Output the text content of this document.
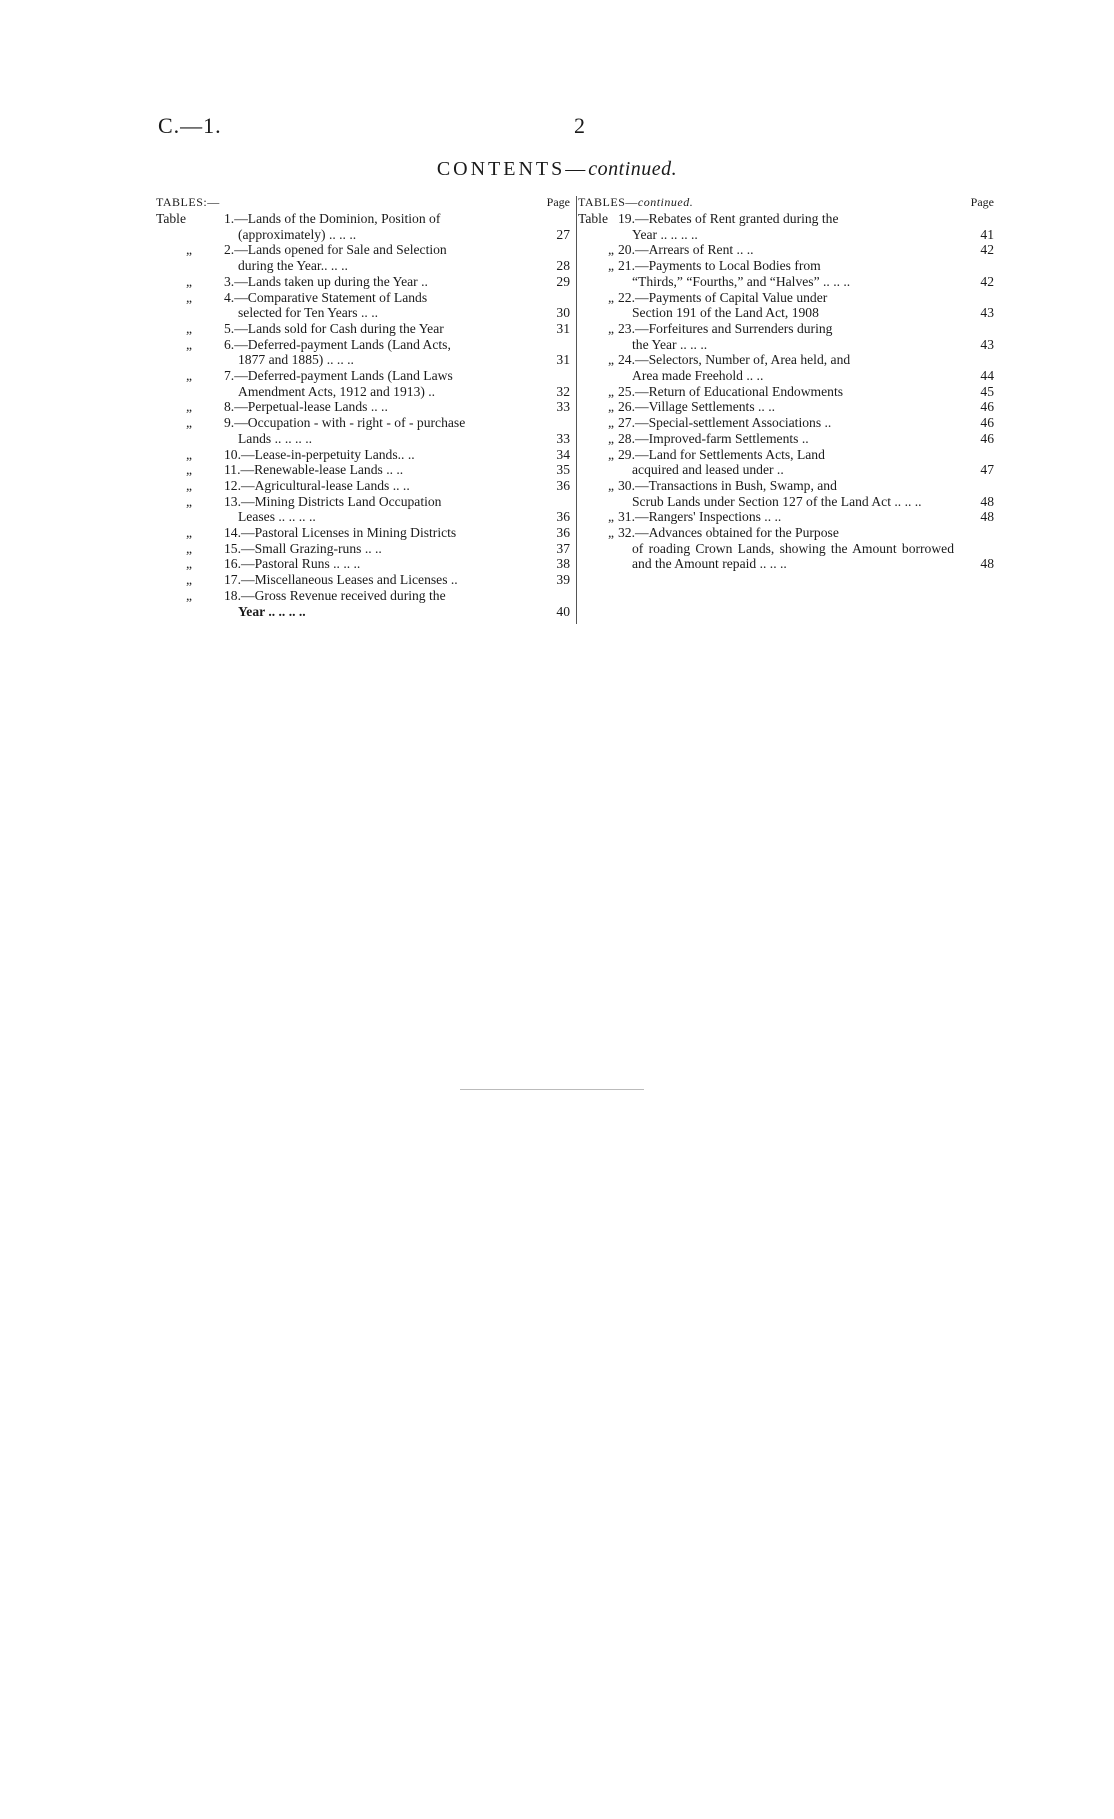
C.—1.	2
CONTENTS—continued.
TABLES:—	Page
Table	1.—Lands of the Dominion, Position of
(approximately) .. .. ..	27
„ 2.—Lands opened for Sale and Selection
during the Year.. .. ..	28
„ 3.—Lands taken up during the Year ..	29
„ 4.—Comparative Statement of Lands
selected for Ten Years .. ..	30
„ 5.—Lands sold for Cash during the Year	31
„ 6.—Deferred-payment Lands (Land Acts,
1877 and 1885) .. .. ..	31
„ 7.—Deferred-payment Lands (Land Laws
Amendment Acts, 1912 and 1913) ..	32
„ 8.—Perpetual-lease Lands .. ..	33
„ 9.—Occupation - with - right - of - purchase
Lands .. .. .. ..	33
„ 10.—Lease-in-perpetuity Lands.. ..	34
„ 11.—Renewable-lease Lands .. ..	35
„ 12.—Agricultural-lease Lands .. ..	36
„ 13.—Mining Districts Land Occupation
Leases .. .. .. ..	36
„ 14.—Pastoral Licenses in Mining Districts	36
„ 15.—Small Grazing-runs .. ..	37
„ 16.—Pastoral Runs .. .. ..	38
„ 17.—Miscellaneous Leases and Licenses ..	39
„ 18.—Gross Revenue received during the
Year .. .. .. ..	40
TABLES—continued.	Page
Table 19.—Rebates of Rent granted during the
Year .. .. .. ..	41
„ 20.—Arrears of Rent .. ..	42
„ 21.—Payments to Local Bodies from
“Thirds,” “Fourths,” and “Halves” .. .. ..	42
„ 22.—Payments of Capital Value under
Section 191 of the Land Act, 1908	43
„ 23.—Forfeitures and Surrenders during
the Year .. .. ..	43
„ 24.—Selectors, Number of, Area held, and
Area made Freehold .. ..	44
„ 25.—Return of Educational Endowments	45
„ 26.—Village Settlements .. ..	46
„ 27.—Special-settlement Associations ..	46
„ 28.—Improved-farm Settlements ..	46
„ 29.—Land for Settlements Acts, Land
acquired and leased under ..	47
„ 30.—Transactions in Bush, Swamp, and
Scrub Lands under Section 127 of the Land Act .. .. ..	48
„ 31.—Rangers' Inspections .. ..	48
„ 32.—Advances obtained for the Purpose
of roading Crown Lands, showing the Amount borrowed and the Amount repaid .. .. ..	48
